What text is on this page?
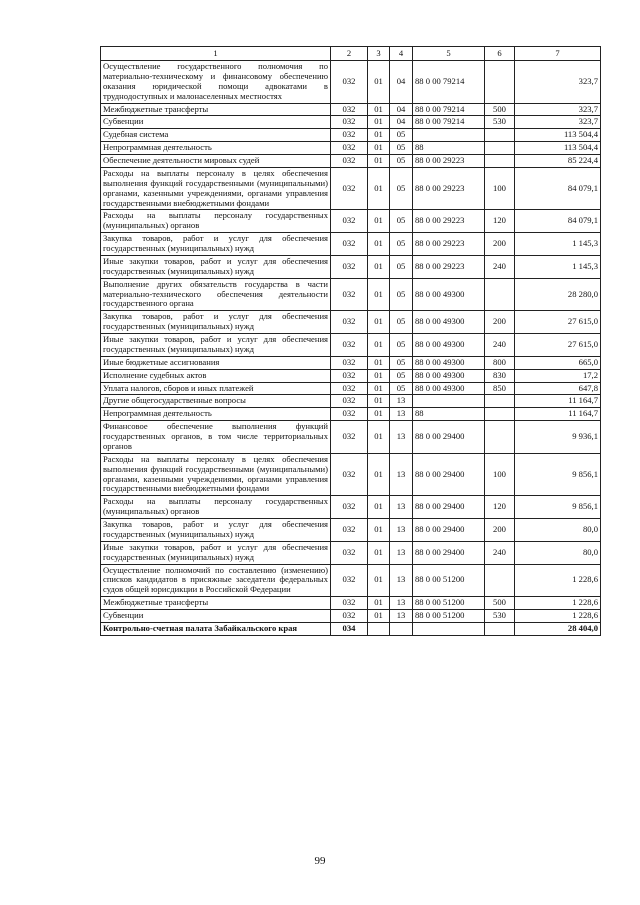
1	2	3	4	5	6	7
Осуществление государственного полномочия по материально-техническому и финансовому обеспечению оказания юридической помощи адвокатами в труднодоступных и малонаселенных местностях	032	01	04	88 0 00 79214		323,7
Межбюджетные трансферты	032	01	04	88 0 00 79214	500	323,7
Субвенции	032	01	04	88 0 00 79214	530	323,7
Судебная система	032	01	05			113 504,4
Непрограммная деятельность	032	01	05	88		113 504,4
Обеспечение деятельности мировых судей	032	01	05	88 0 00 29223		85 224,4
Расходы на выплаты персоналу в целях обеспечения выполнения функций государственными (муниципальными) органами, казенными учреждениями, органами управления государственными внебюджетными фондами	032	01	05	88 0 00 29223	100	84 079,1
Расходы на выплаты персоналу государственных (муниципальных) органов	032	01	05	88 0 00 29223	120	84 079,1
Закупка товаров, работ и услуг для обеспечения государственных (муниципальных) нужд	032	01	05	88 0 00 29223	200	1 145,3
Иные закупки товаров, работ и услуг для обеспечения государственных (муниципальных) нужд	032	01	05	88 0 00 29223	240	1 145,3
Выполнение других обязательств государства в части материально-технического обеспечения деятельности государственного органа	032	01	05	88 0 00 49300		28 280,0
Закупка товаров, работ и услуг для обеспечения государственных (муниципальных) нужд	032	01	05	88 0 00 49300	200	27 615,0
Иные закупки товаров, работ и услуг для обеспечения государственных (муниципальных) нужд	032	01	05	88 0 00 49300	240	27 615,0
Иные бюджетные ассигнования	032	01	05	88 0 00 49300	800	665,0
Исполнение судебных актов	032	01	05	88 0 00 49300	830	17,2
Уплата налогов, сборов и иных платежей	032	01	05	88 0 00 49300	850	647,8
Другие общегосударственные вопросы	032	01	13			11 164,7
Непрограммная деятельность	032	01	13	88		11 164,7
Финансовое обеспечение выполнения функций государственных органов, в том числе территориальных органов	032	01	13	88 0 00 29400		9 936,1
Расходы на выплаты персоналу в целях обеспечения выполнения функций государственными (муниципальными) органами, казенными учреждениями, органами управления государственными внебюджетными фондами	032	01	13	88 0 00 29400	100	9 856,1
Расходы на выплаты персоналу государственных (муниципальных) органов	032	01	13	88 0 00 29400	120	9 856,1
Закупка товаров, работ и услуг для обеспечения государственных (муниципальных) нужд	032	01	13	88 0 00 29400	200	80,0
Иные закупки товаров, работ и услуг для обеспечения государственных (муниципальных) нужд	032	01	13	88 0 00 29400	240	80,0
Осуществление полномочий по составлению (изменению) списков кандидатов в присяжные заседатели федеральных судов общей юрисдикции в Российской Федерации	032	01	13	88 0 00 51200		1 228,6
Межбюджетные трансферты	032	01	13	88 0 00 51200	500	1 228,6
Субвенции	032	01	13	88 0 00 51200	530	1 228,6
Контрольно-счетная палата Забайкальского края	034					28 404,0
99
